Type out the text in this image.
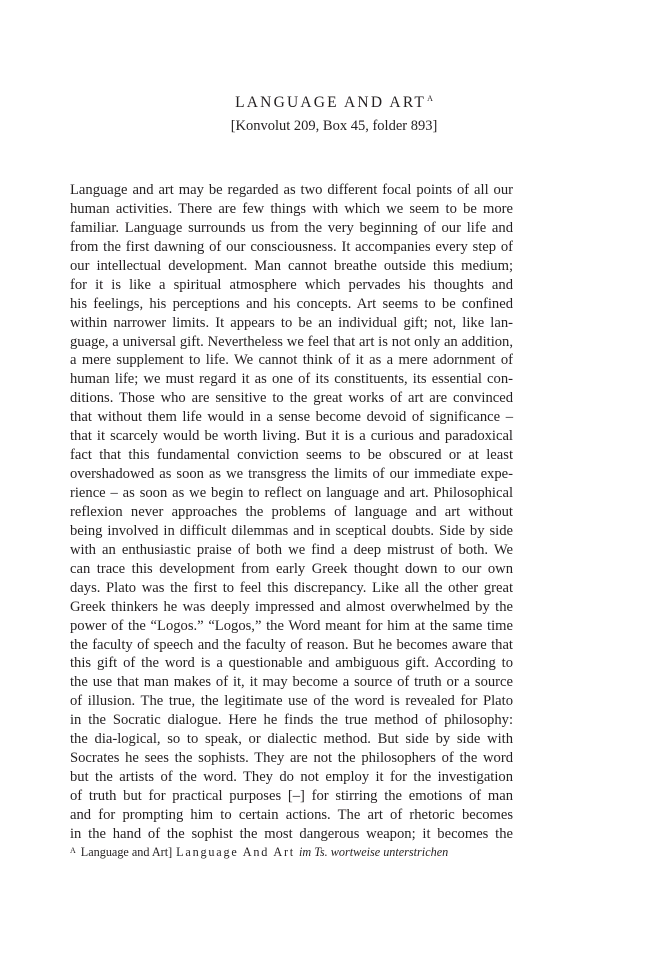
LANGUAGE AND $ART^A$
[Konvolut 209, Box 45, folder 893]
Language and art may be regarded as two different focal points of all our
human activities. There are few things with which we seem to be more
familiar. Language surrounds us from the very beginning of our life and
from the first dawning of our consciousness. It accompanies every step of
our intellectual development. Man cannot breathe outside this medium;
for it is like a spiritual atmosphere which pervades his thoughts and
his feelings, his perceptions and his concepts. Art seems to be confined
within narrower limits. It appears to be an individual gift; not, like lan-
guage, a universal gift. Nevertheless we feel that art is not only an addition,
a mere supplement to life. We cannot think of it as a mere adornment of
human life; we must regard it as one of its constituents, its essential con-
ditions. Those who are sensitive to the great works of art are convinced
that without them life would in a sense become devoid of significance –
that it scarcely would be worth living. But it is a curious and paradoxical
fact that this fundamental conviction seems to be obscured or at least
overshadowed as soon as we transgress the limits of our immediate expe-
rience – as soon as we begin to reflect on language and art. Philosophical
reflexion never approaches the problems of language and art without
being involved in difficult dilemmas and in sceptical doubts. Side by side
with an enthusiastic praise of both we find a deep mistrust of both. We
can trace this development from early Greek thought down to our own
days. Plato was the first to feel this discrepancy. Like all the other great
Greek thinkers he was deeply impressed and almost overwhelmed by the
power of the “Logos.” “Logos,” the Word meant for him at the same time
the faculty of speech and the faculty of reason. But he becomes aware that
this gift of the word is a questionable and ambiguous gift. According to
the use that man makes of it, it may become a source of truth or a source
of illusion. The true, the legitimate use of the word is revealed for Plato
in the Socratic dialogue. Here he finds the true method of philosophy:
the dia-logical, so to speak, or dialectic method. But side by side with
Socrates he sees the sophists. They are not the philosophers of the word
but the artists of the word. They do not employ it for the investigation
of truth but for practical purposes [–] for stirring the emotions of man
and for prompting him to certain actions. The art of rhetoric becomes
in the hand of the sophist the most dangerous weapon; it becomes the
$^A$ Language and Art] Language And Art im Ts. wortweise unterstrichen
